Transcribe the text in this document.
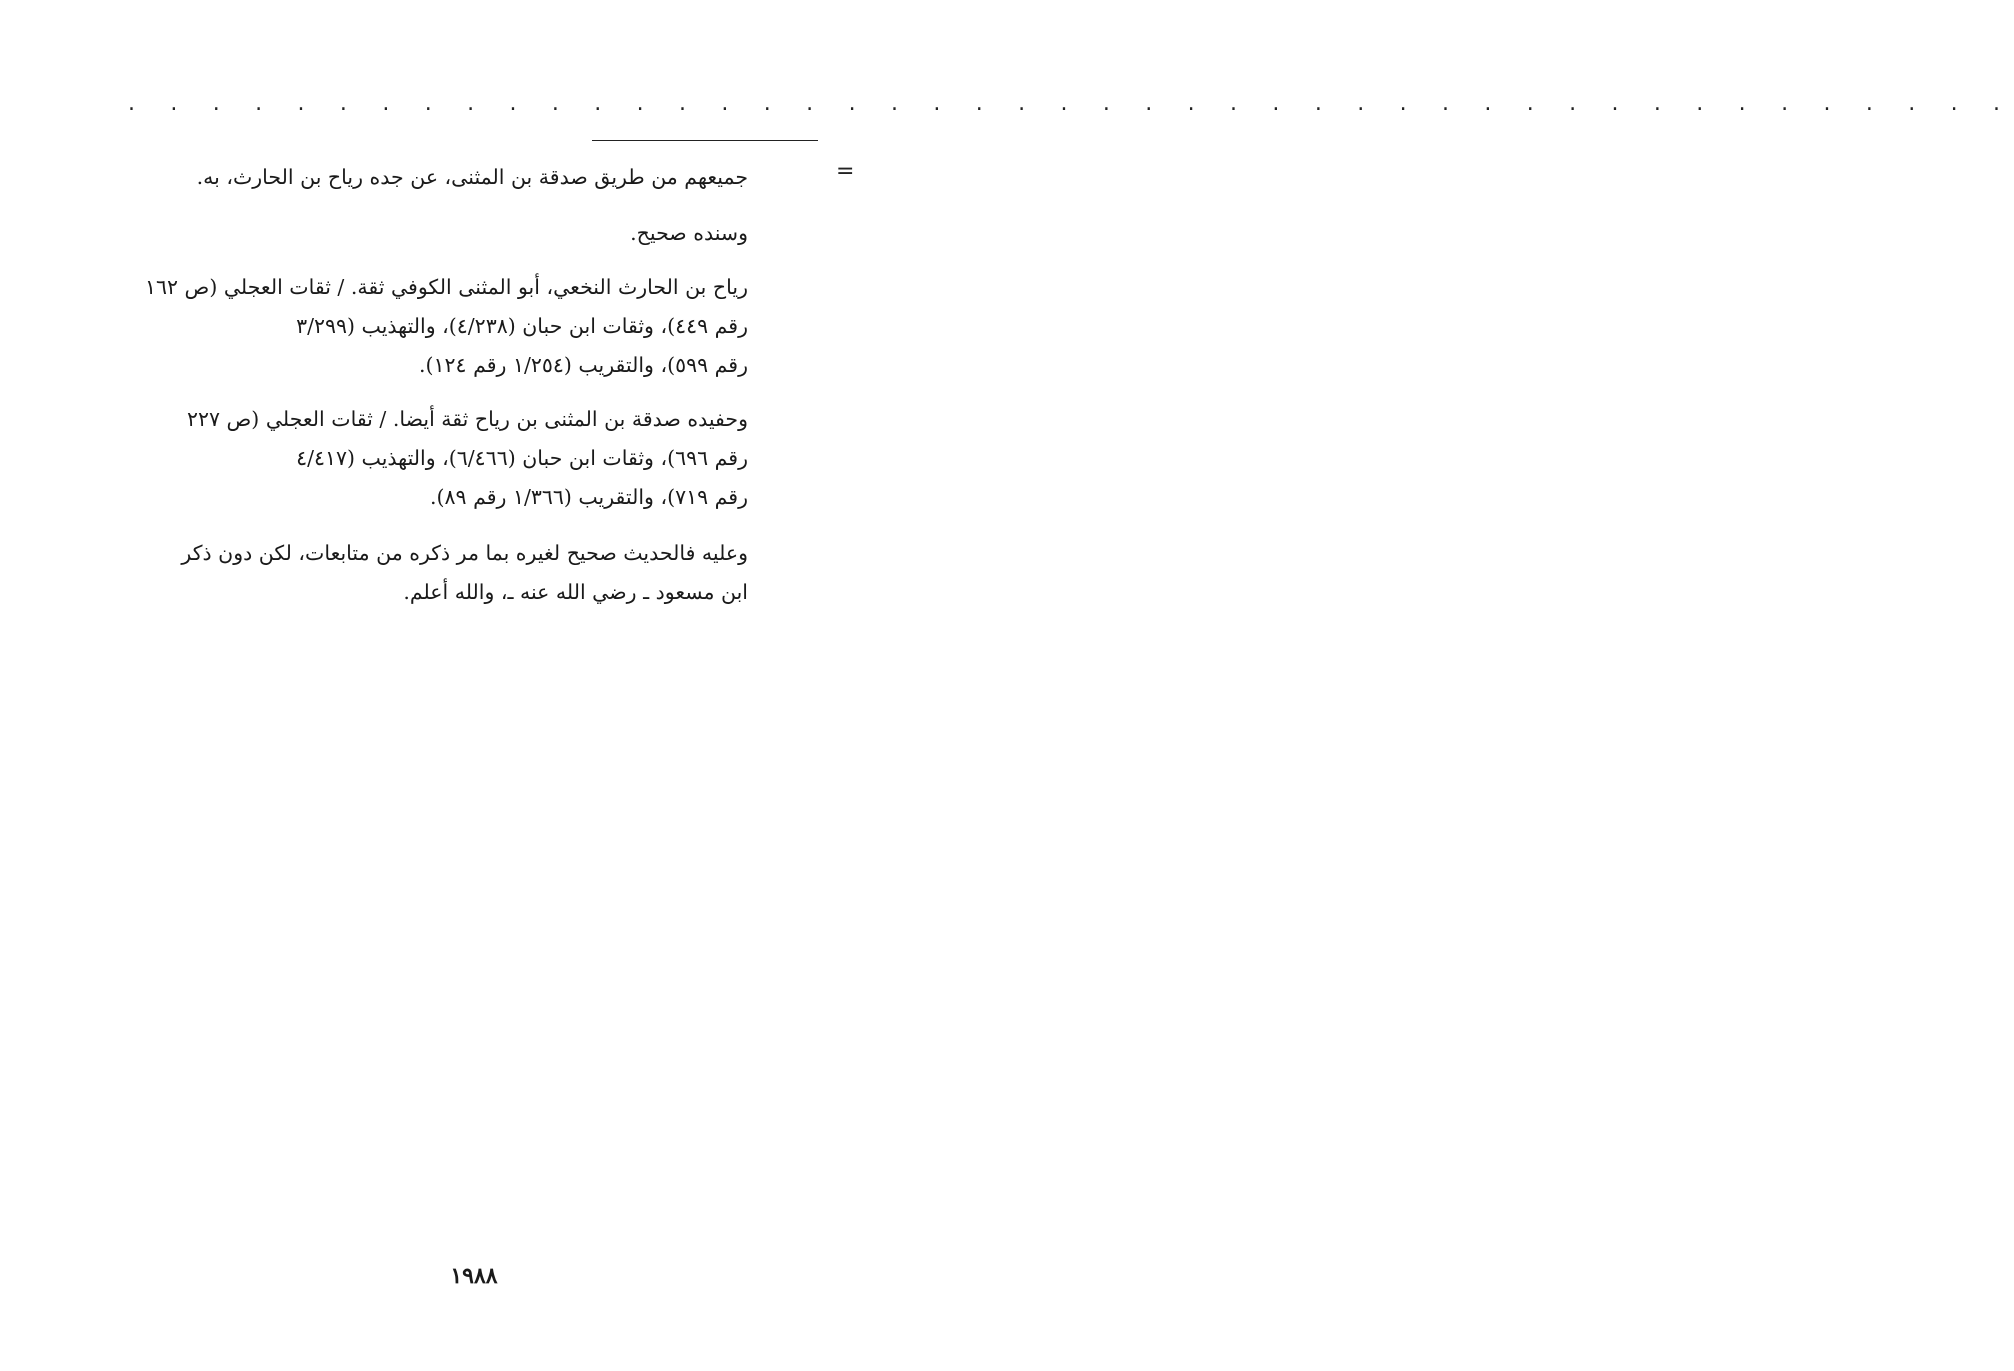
. . . . . . . . . . . . . . . . . . . . . . . . . . . . . . . . . . . . . . . . . . . . .
=
جميعهم من طريق صدقة بن المثنى، عن جده رياح بن الحارث، به.
وسنده صحيح.
رياح بن الحارث النخعي، أبو المثنى الكوفي ثقة. / ثقات العجلي (ص ١٦٢
رقم ٤٤٩)، وثقات ابن حبان (٤/٢٣٨)، والتهذيب (٣/٢٩٩
رقم ٥٩٩)، والتقريب (١/٢٥٤ رقم ١٢٤).
وحفيده صدقة بن المثنى بن رياح ثقة أيضا. / ثقات العجلي (ص ٢٢٧
رقم ٦٩٦)، وثقات ابن حبان (٦/٤٦٦)، والتهذيب (٤/٤١٧
رقم ٧١٩)، والتقريب (١/٣٦٦ رقم ٨٩).
وعليه فالحديث صحيح لغيره بما مر ذكره من متابعات، لكن دون ذكر
ابن مسعود ـ رضي الله عنه ـ، والله أعلم.
١٩٨٨
